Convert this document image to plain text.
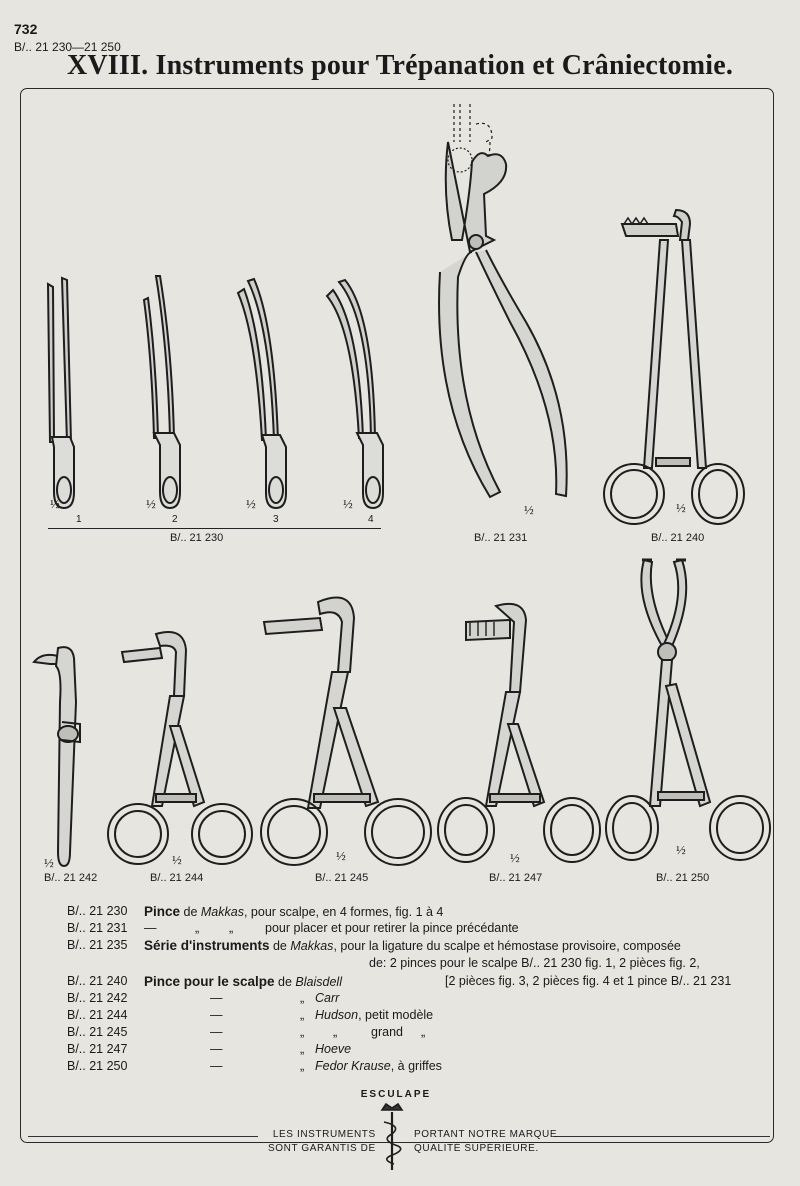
732
B/.. 21 230—21 250
XVIII. Instruments pour Trépanation et Crâniectomie.
½
1
½
2
½
3
½
4
B/.. 21 230
½
B/.. 21 231
½
B/.. 21 240
½
B/.. 21 242
½
B/.. 21 244
½
B/.. 21 245
½
B/.. 21 247
½
B/.. 21 250
B/.. 21 230 Pince de Makkas, pour scalpe, en 4 formes, fig. 1 à 4
B/.. 21 231 —	„ „	pour placer et pour retirer la pince précédante
B/.. 21 235 Série d'instruments de Makkas, pour la ligature du scalpe et hémostase provisoire, composée
de: 2 pinces pour le scalpe B/.. 21 230 fig. 1, 2 pièces fig. 2,
B/.. 21 240 Pince pour le scalpe de Blaisdell	[2 pièces fig. 3, 2 pièces fig. 4 et 1 pince B/.. 21 231
B/.. 21 242	—	„ Carr
B/.. 21 244	—	„ Hudson, petit modèle
B/.. 21 245	—	„ „	grand „
B/.. 21 247	—	„ Hoeve
B/.. 21 250	—	„ Fedor Krause, à griffes
ESCULAPE
LES INSTRUMENTS
SONT GARANTIS DE
PORTANT NOTRE MARQUE
QUALITÉ SUPÉRIEURE.
